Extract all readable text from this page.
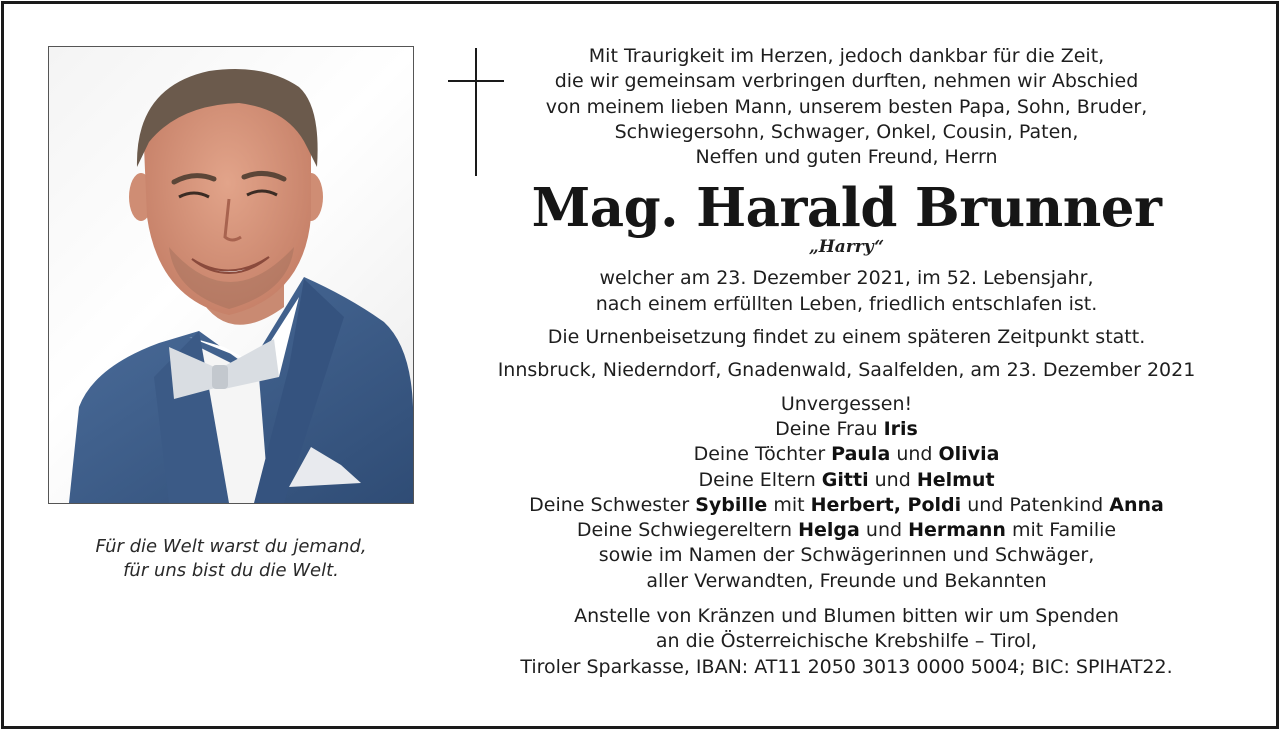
Für die Welt warst du jemand,
für uns bist du die Welt.
Mit Traurigkeit im Herzen, jedoch dankbar für die Zeit,
die wir gemeinsam verbringen durften, nehmen wir Abschied
von meinem lieben Mann, unserem besten Papa, Sohn, Bruder,
Schwiegersohn, Schwager, Onkel, Cousin, Paten,
Neffen und guten Freund, Herrn
Mag. Harald Brunner
„Harry“
welcher am 23. Dezember 2021, im 52. Lebensjahr,
nach einem erfüllten Leben, friedlich entschlafen ist.
Die Urnenbeisetzung findet zu einem späteren Zeitpunkt statt.
Innsbruck, Niederndorf, Gnadenwald, Saalfelden, am 23. Dezember 2021
Unvergessen!
Deine Frau Iris
Deine Töchter Paula und Olivia
Deine Eltern Gitti und Helmut
Deine Schwester Sybille mit Herbert, Poldi und Patenkind Anna
Deine Schwiegereltern Helga und Hermann mit Familie
sowie im Namen der Schwägerinnen und Schwäger,
aller Verwandten, Freunde und Bekannten
Anstelle von Kränzen und Blumen bitten wir um Spenden
an die Österreichische Krebshilfe – Tirol,
Tiroler Sparkasse, IBAN: AT11 2050 3013 0000 5004; BIC: SPIHAT22.
